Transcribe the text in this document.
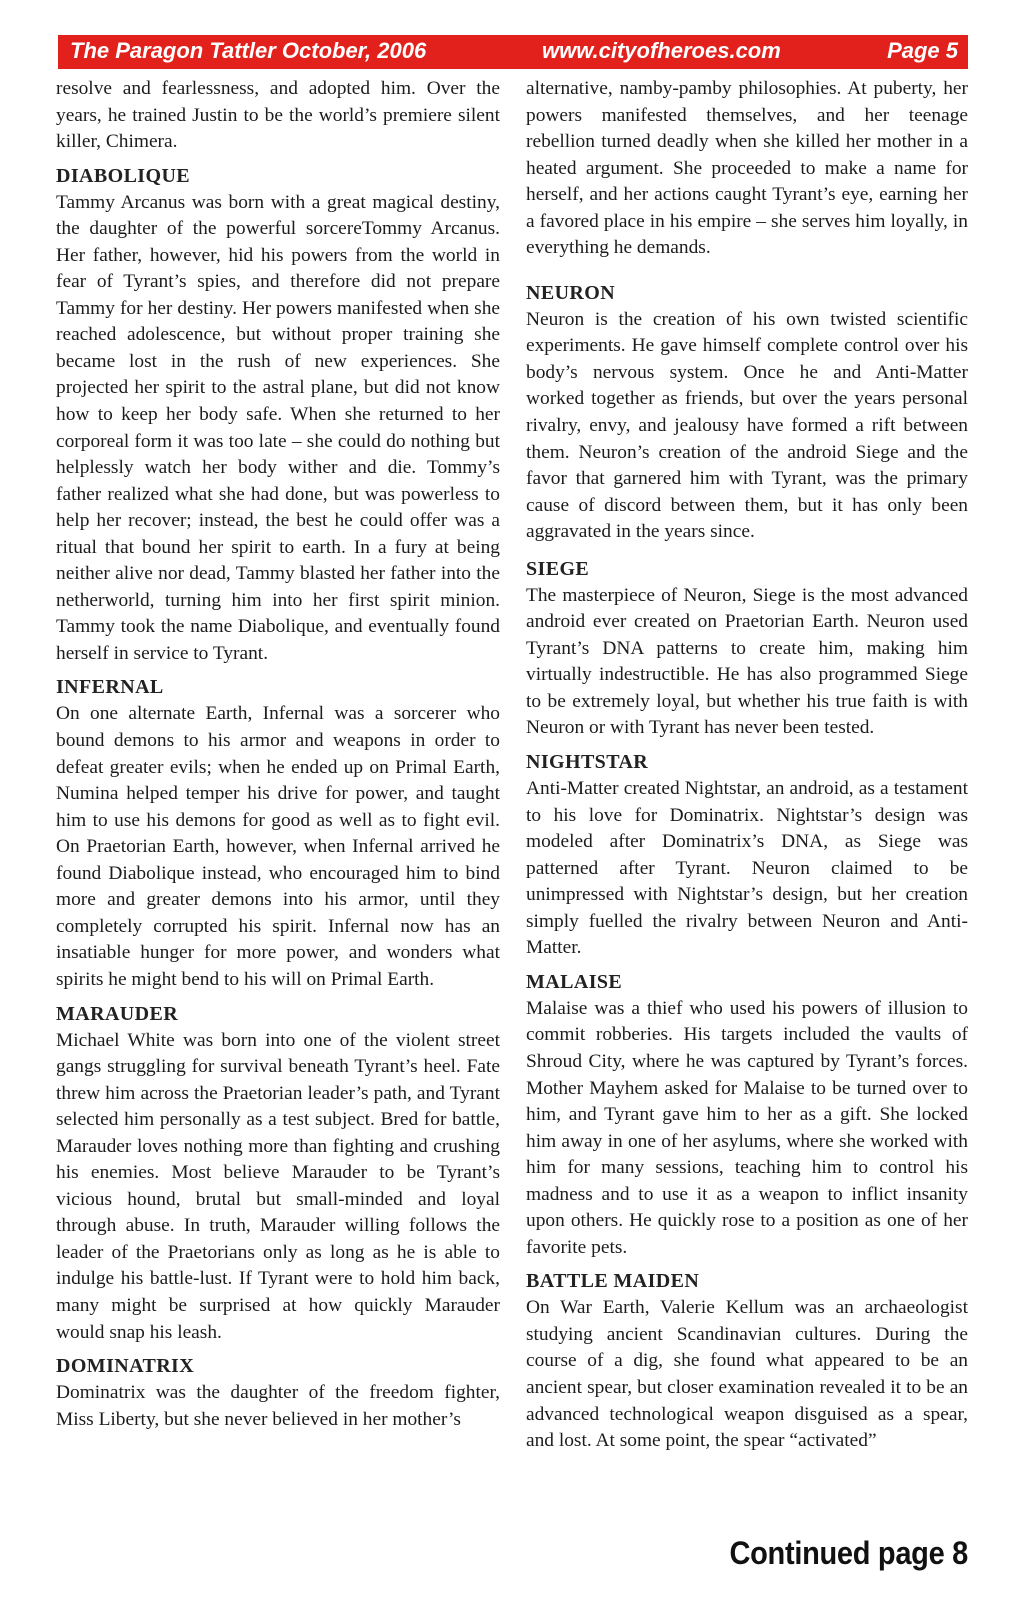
The Paragon Tattler October, 2006	www.cityofheroes.com	Page 5

resolve and fearlessness, and adopted him. Over the years, he trained Justin to be the world’s premiere silent killer, Chimera.

DIABOLIQUE

Tammy Arcanus was born with a great magical destiny, the daughter of the powerful sorcereTommy Arcanus. Her father, however, hid his powers from the world in fear of Tyrant’s spies, and therefore did not prepare Tammy for her destiny. Her powers manifested when she reached adolescence, but without proper training she became lost in the rush of new experiences. She projected her spirit to the astral plane, but did not know how to keep her body safe. When she returned to her corporeal form it was too late – she could do nothing but helplessly watch her body wither and die. Tommy’s father realized what she had done, but was powerless to help her recover; instead, the best he could offer was a ritual that bound her spirit to earth. In a fury at being neither alive nor dead, Tammy blasted her father into the netherworld, turning him into her first spirit minion. Tammy took the name Diabolique, and eventually found herself in service to Tyrant.

INFERNAL

On one alternate Earth, Infernal was a sorcerer who bound demons to his armor and weapons in order to defeat greater evils; when he ended up on Primal Earth, Numina helped temper his drive for power, and taught him to use his demons for good as well as to fight evil. On Praetorian Earth, however, when Infernal arrived he found Diabolique instead, who encouraged him to bind more and greater demons into his armor, until they completely corrupted his spirit. Infernal now has an insatiable hunger for more power, and wonders what spirits he might bend to his will on Primal Earth.

MARAUDER

Michael White was born into one of the violent street gangs struggling for survival beneath Tyrant’s heel. Fate threw him across the Praetorian leader’s path, and Tyrant selected him personally as a test subject. Bred for battle, Marauder loves nothing more than fighting and crushing his enemies. Most believe Marauder to be Tyrant’s vicious hound, brutal but small-minded and loyal through abuse. In truth, Marauder willing follows the leader of the Praetorians only as long as he is able to indulge his battle-lust. If Tyrant were to hold him back, many might be surprised at how quickly Marauder would snap his leash.

DOMINATRIX

Dominatrix was the daughter of the freedom fighter, Miss Liberty, but she never believed in her mother’s

alternative, namby-pamby philosophies. At puberty, her powers manifested themselves, and her teenage rebellion turned deadly when she killed her mother in a heated argument. She proceeded to make a name for herself, and her actions caught Tyrant’s eye, earning her a favored place in his empire – she serves him loyally, in everything he demands.

NEURON

Neuron is the creation of his own twisted scientific experiments. He gave himself complete control over his body’s nervous system. Once he and Anti-Matter worked together as friends, but over the years personal rivalry, envy, and jealousy have formed a rift between them. Neuron’s creation of the android Siege and the favor that garnered him with Tyrant, was the primary cause of discord between them, but it has only been aggravated in the years since.

SIEGE

The masterpiece of Neuron, Siege is the most advanced android ever created on Praetorian Earth. Neuron used Tyrant’s DNA patterns to create him, making him virtually indestructible. He has also programmed Siege to be extremely loyal, but whether his true faith is with Neuron or with Tyrant has never been tested.

NIGHTSTAR

Anti-Matter created Nightstar, an android, as a testament to his love for Dominatrix. Nightstar’s design was modeled after Dominatrix’s DNA, as Siege was patterned after Tyrant. Neuron claimed to be unimpressed with Nightstar’s design, but her creation simply fuelled the rivalry between Neuron and Anti-Matter.

MALAISE

Malaise was a thief who used his powers of illusion to commit robberies. His targets included the vaults of Shroud City, where he was captured by Tyrant’s forces. Mother Mayhem asked for Malaise to be turned over to him, and Tyrant gave him to her as a gift. She locked him away in one of her asylums, where she worked with him for many sessions, teaching him to control his madness and to use it as a weapon to inflict insanity upon others. He quickly rose to a position as one of her favorite pets.

BATTLE MAIDEN

On War Earth, Valerie Kellum was an archaeologist studying ancient Scandinavian cultures. During the course of a dig, she found what appeared to be an ancient spear, but closer examination revealed it to be an advanced technological weapon disguised as a spear, and lost. At some point, the spear “activated”

Continued page 8
